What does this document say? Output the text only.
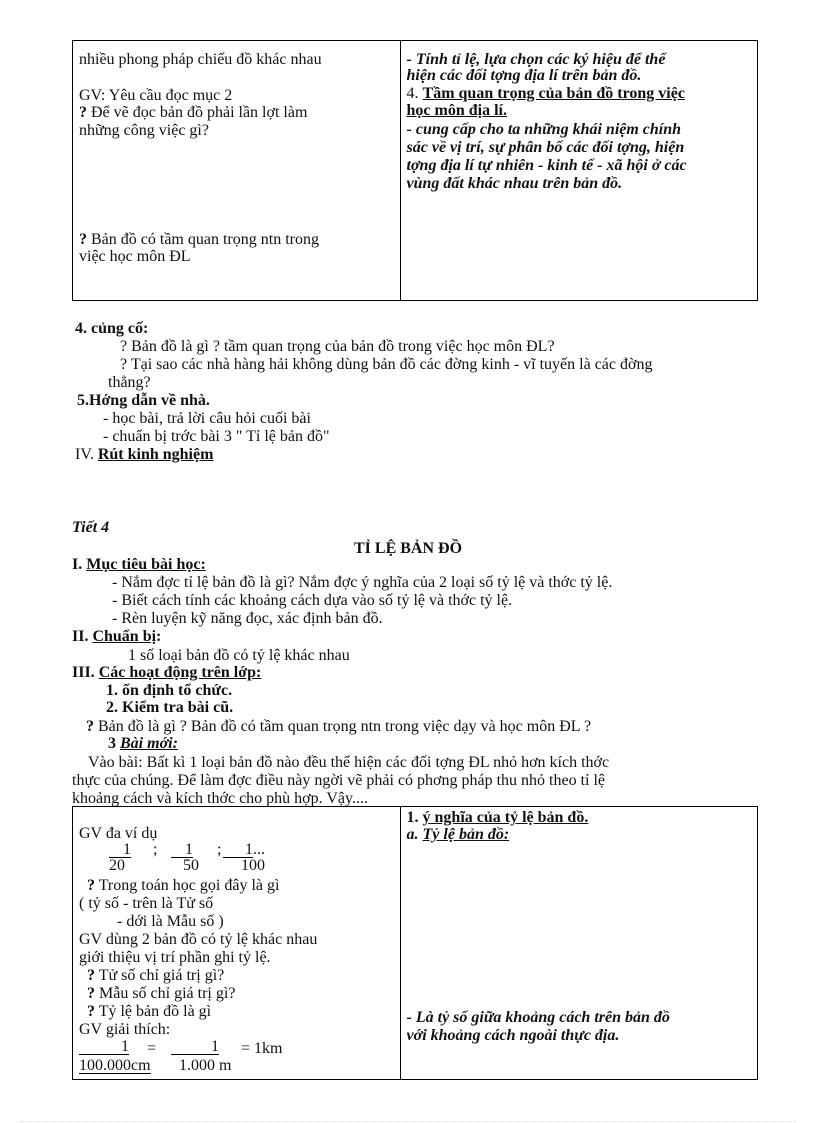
nhiều phong pháp chiếu đồ khác nhau
GV: Yêu cầu đọc mục 2
? Để vẽ đọc bản đồ phải lần lợt làm
những công việc gì?
? Bản đồ có tầm quan trọng ntn trong
việc học môn ĐL

- Tính tỉ lệ, lựa chọn các ký hiệu để thể
hiện các đối tợng địa lí trên bản đồ.
4. Tầm quan trọng của bản đồ trong việc
học môn địa lí.
- cung cấp cho ta những khái niệm chính
sác về vị trí, sự phân bố các đối tợng, hiện
tợng địa lí tự nhiên - kinh tế - xã hội ở các
vùng đất khác nhau trên bản đồ.
4. củng cố:
? Bản đồ là gì ? tầm quan trọng của bản đồ trong việc học môn ĐL?
? Tại sao các nhà hàng hải không dùng bản đồ các đờng kinh - vĩ tuyến là các đờng
thẳng?
5.Hớng dẫn về nhà.
- học bài, trả lời câu hỏi cuối bài
- chuẩn bị trớc bài 3 " Tỉ lệ bản đồ"
IV. Rút kinh nghiệm
Tiết 4
TỈ LỆ BẢN ĐỒ
I. Mục tiêu bài học:
- Nắm đợc tỉ lệ bản đồ là gì? Nắm đợc ý nghĩa của 2 loại số tỷ lệ và thớc tỷ lệ.
- Biết cách tính các khoảng cách dựa vào số tỷ lệ và thớc tỷ lệ.
- Rèn luyện kỹ năng đọc, xác định bản đồ.
II. Chuẩn bị:
1 số loại bản đồ có tỷ lệ khác nhau
III. Các hoạt động trên lớp:
1. ổn định tổ chức.
2. Kiểm tra bài cũ.
? Bản đồ là gì ? Bản đồ có tầm quan trọng ntn trong việc dạy và học môn ĐL ?
3 Bài mới:
Vào bài: Bất kì 1 loại bản đồ nào đều thể hiện các đối tợng ĐL nhỏ hơn kích thớc
thực của chúng. Để làm đợc điều này ngời vẽ phải có phơng pháp thu nhỏ theo tỉ lệ
khoảng cách và kích thớc cho phù hợp. Vậy....
GV đa ví dụ
1
20
;	1
50
;	1...
100
? Trong toán học gọi đây là gì
( tỷ số - trên là Tử số
- dới là Mẫu số )
GV dùng 2 bản đồ có tỷ lệ khác nhau
giới thiệu vị trí phần ghi tỷ lệ.
? Tử số chỉ giá trị gì?
? Mẫu số chỉ giá trị gì?
? Tỷ lệ bản đồ là gì
GV giải thích:
1
100.000cm
=	1
1.000 m
= 1km

1. ý nghĩa của tỷ lệ bản đồ.
a. Tỷ lệ bản đồ:
- Là tỷ số giữa khoảng cách trên bản đồ
với khoảng cách ngoài thực địa.
